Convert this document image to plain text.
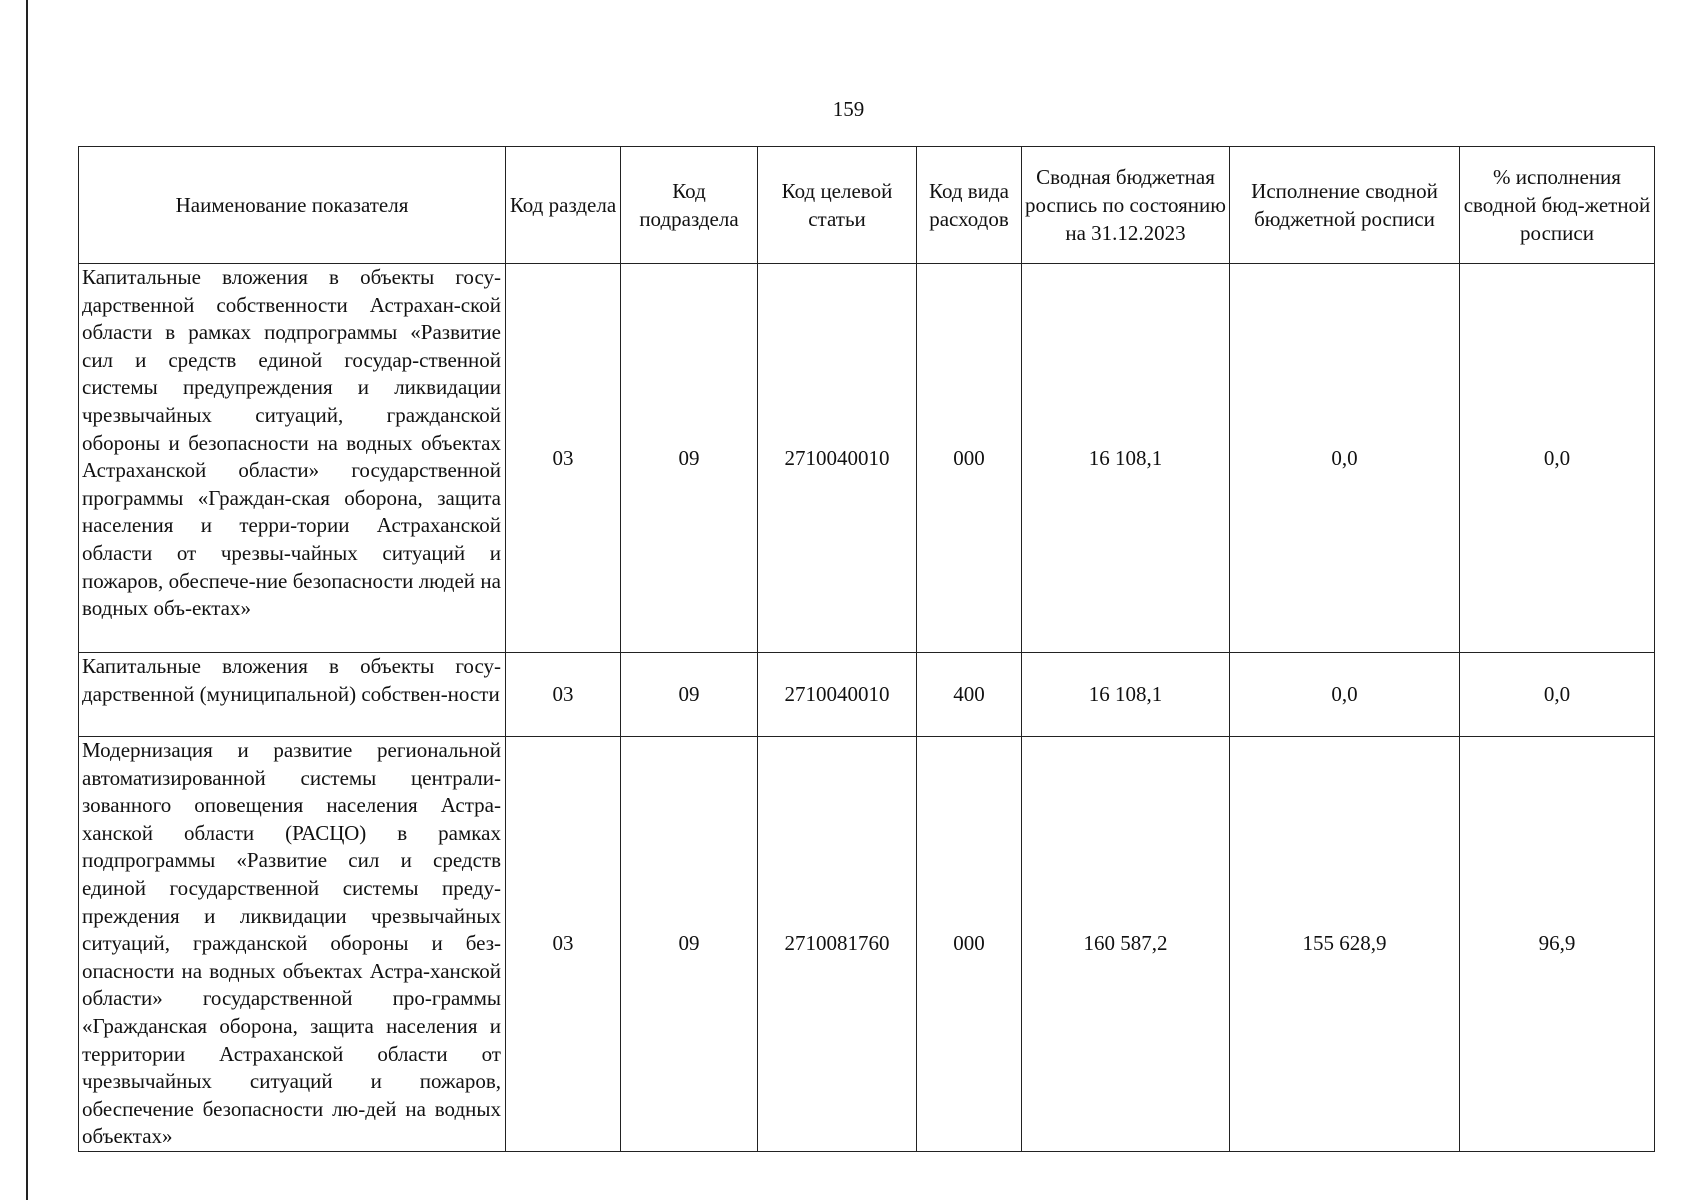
159
Наименование показателя	Код раздела	Код подраздела	Код целевой статьи	Код вида расходов	Сводная бюджетная роспись по состоянию на 31.12.2023	Исполнение сводной бюджетной росписи	% исполнения сводной бюд-жетной росписи
Капитальные вложения в объекты госу-дарственной собственности Астрахан-ской области в рамках подпрограммы «Развитие сил и средств единой государ-ственной системы предупреждения и ликвидации чрезвычайных ситуаций, гражданской обороны и безопасности на водных объектах Астраханской области» государственной программы «Граждан-ская оборона, защита населения и терри-тории Астраханской области от чрезвы-чайных ситуаций и пожаров, обеспече-ние безопасности людей на водных объ-ектах»	03	09	2710040010	000	16 108,1	0,0	0,0
Капитальные вложения в объекты госу-дарственной (муниципальной) собствен-ности	03	09	2710040010	400	16 108,1	0,0	0,0
Модернизация и развитие региональной автоматизированной системы централи-зованного оповещения населения Астра-ханской области (РАСЦО) в рамках подпрограммы «Развитие сил и средств единой государственной системы преду-преждения и ликвидации чрезвычайных ситуаций, гражданской обороны и без-опасности на водных объектах Астра-ханской области» государственной про-граммы «Гражданская оборона, защита населения и территории Астраханской области от чрезвычайных ситуаций и пожаров, обеспечение безопасности лю-дей на водных объектах»	03	09	2710081760	000	160 587,2	155 628,9	96,9
